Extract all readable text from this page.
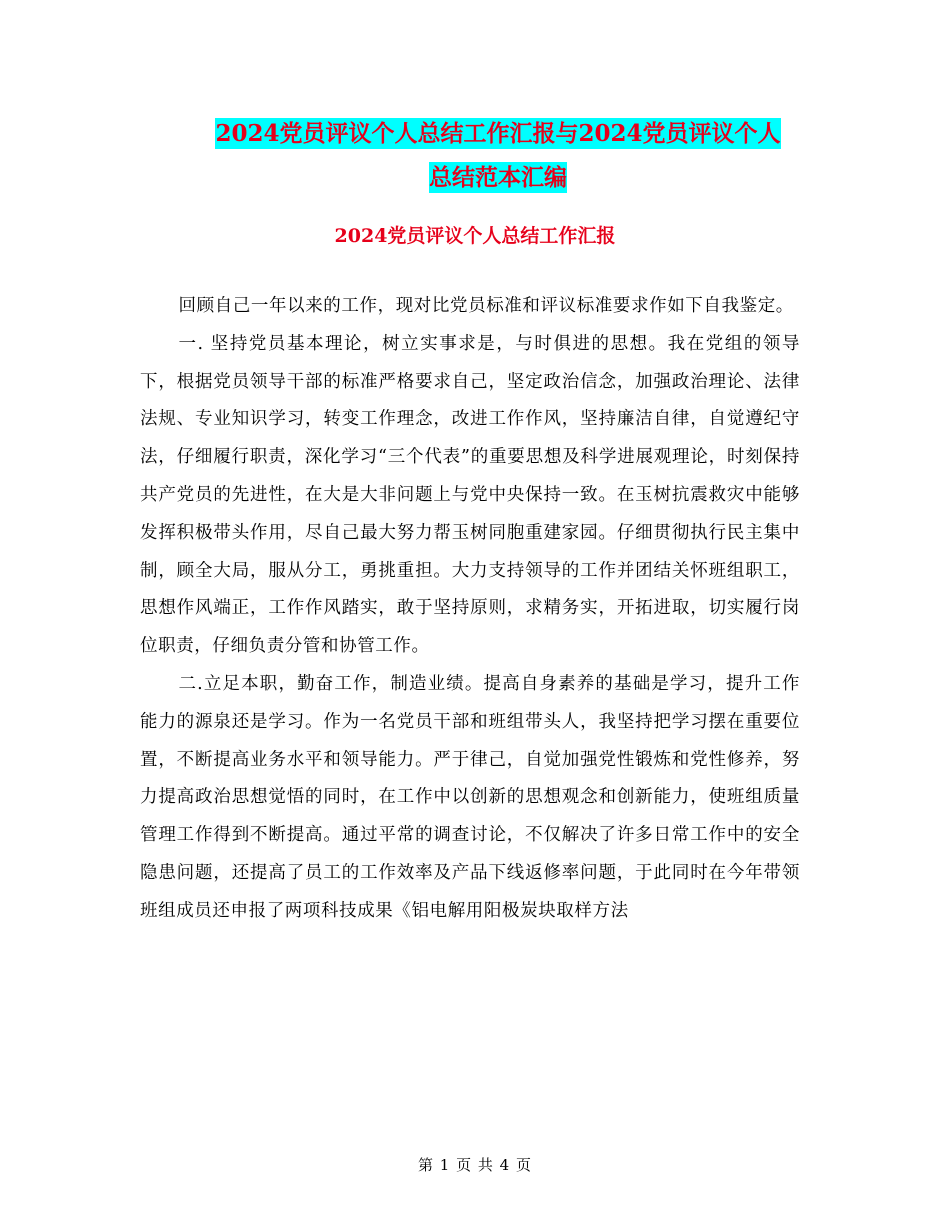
2024党员评议个人总结工作汇报与2024党员评议个人
总结范本汇编
2024党员评议个人总结工作汇报

回顾自己一年以来的工作，现对比党员标准和评议标准要求作如下自我鉴定。

一. 坚持党员基本理论，树立实事求是，与时俱进的思想。我在党组的领导下，根据党员领导干部的标准严格要求自己，坚定政治信念，加强政治理论、法律法规、专业知识学习，转变工作理念，改进工作作风，坚持廉洁自律，自觉遵纪守法，仔细履行职责，深化学习“三个代表”的重要思想及科学进展观理论，时刻保持共产党员的先进性，在大是大非问题上与党中央保持一致。在玉树抗震救灾中能够发挥积极带头作用，尽自己最大努力帮玉树同胞重建家园。仔细贯彻执行民主集中制，顾全大局，服从分工，勇挑重担。大力支持领导的工作并团结关怀班组职工，思想作风端正，工作作风踏实，敢于坚持原则，求精务实，开拓进取，切实履行岗位职责，仔细负责分管和协管工作。

二.立足本职，勤奋工作，制造业绩。提高自身素养的基础是学习，提升工作能力的源泉还是学习。作为一名党员干部和班组带头人，我坚持把学习摆在重要位置，不断提高业务水平和领导能力。严于律己，自觉加强党性锻炼和党性修养，努力提高政治思想觉悟的同时，在工作中以创新的思想观念和创新能力，使班组质量管理工作得到不断提高。通过平常的调查讨论，不仅解决了许多日常工作中的安全隐患问题，还提高了员工的工作效率及产品下线返修率问题，于此同时在今年带领班组成员还申报了两项科技成果《铝电解用阳极炭块取样方法

第 1 页 共 4 页
